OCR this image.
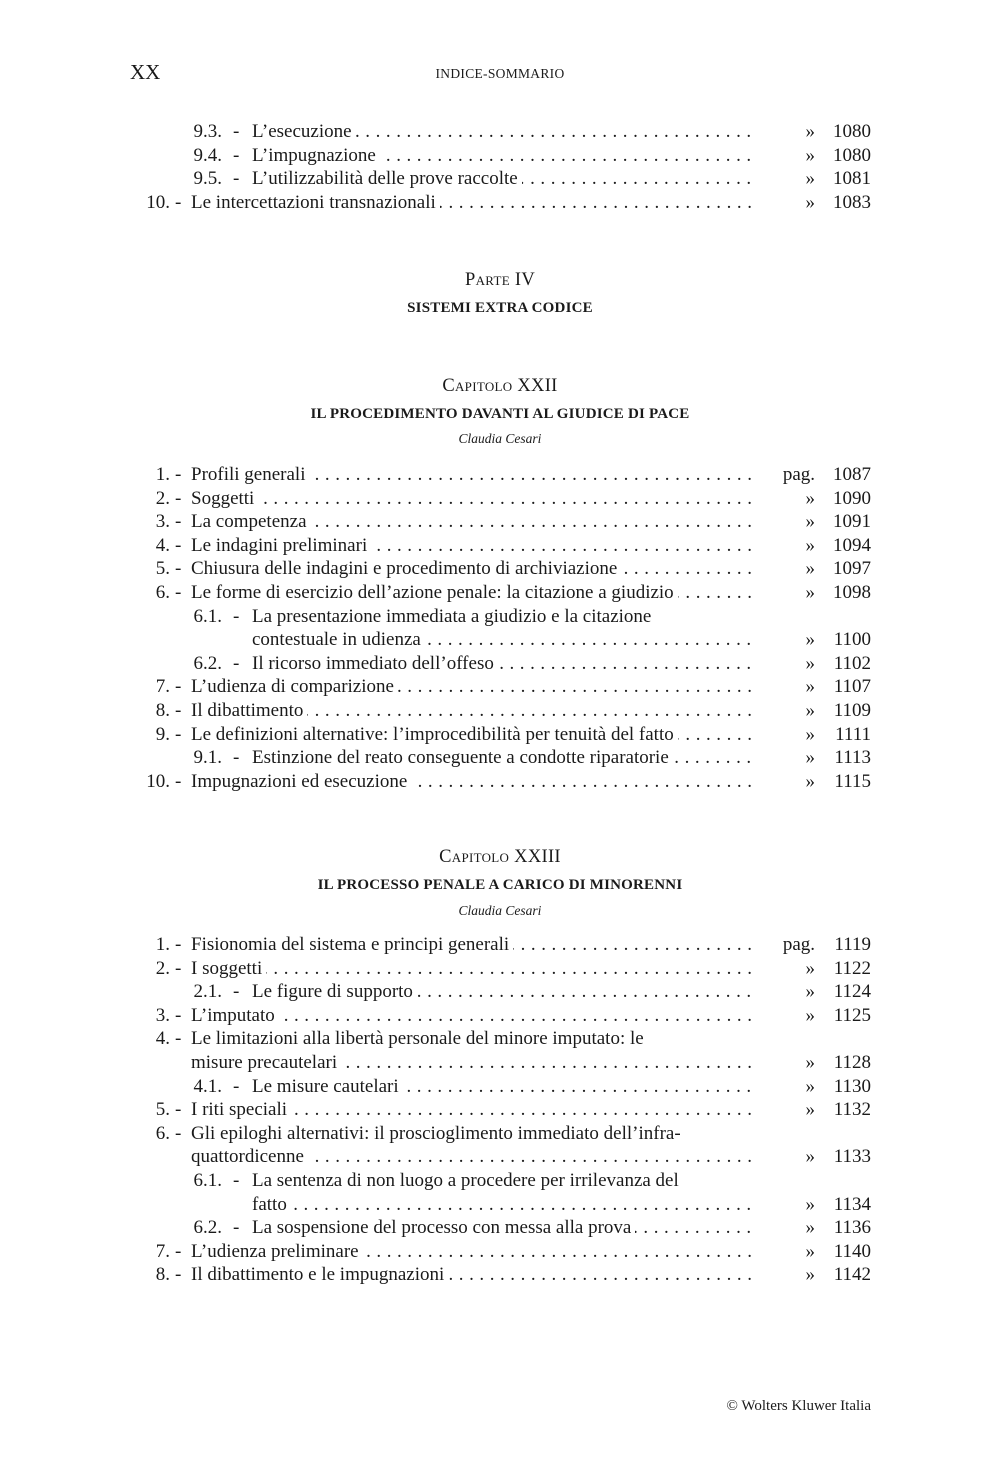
XX	INDICE-SOMMARIO
9.3. - L’esecuzione . . .	» 1080
9.4. - L’impugnazione . . .	» 1080
9.5. - L’utilizzabilità delle prove raccolte . . .	» 1081
10. - Le intercettazioni transnazionali . . .	» 1083
Parte IV
SISTEMI EXTRA CODICE
Capitolo XXII
IL PROCEDIMENTO DAVANTI AL GIUDICE DI PACE
Claudia Cesari
1. - Profili generali . . .	pag. 1087
2. - Soggetti . . .	» 1090
3. - La competenza . . .	» 1091
4. - Le indagini preliminari . . .	» 1094
5. - Chiusura delle indagini e procedimento di archiviazione . . .	» 1097
6. - Le forme di esercizio dell’azione penale: la citazione a giudizio . . .	» 1098
6.1. - La presentazione immediata a giudizio e la citazione
contestuale in udienza . . .	» 1100
6.2. - Il ricorso immediato dell’offeso . . .	» 1102
7. - L’udienza di comparizione . . .	» 1107
8. - Il dibattimento . . .	» 1109
9. - Le definizioni alternative: l’improcedibilità per tenuità del fatto . . .	» 1111
9.1. - Estinzione del reato conseguente a condotte riparatorie . . .	» 1113
10. - Impugnazioni ed esecuzione . . .	» 1115
Capitolo XXIII
IL PROCESSO PENALE A CARICO DI MINORENNI
Claudia Cesari
1. - Fisionomia del sistema e principi generali . . .	pag. 1119
2. - I soggetti . . .	» 1122
2.1. - Le figure di supporto . . .	» 1124
3. - L’imputato . . .	» 1125
4. - Le limitazioni alla libertà personale del minore imputato: le
misure precautelari . . .	» 1128
4.1. - Le misure cautelari . . .	» 1130
5. - I riti speciali . . .	» 1132
6. - Gli epiloghi alternativi: il proscioglimento immediato dell’infra-
quattordicenne . . .	» 1133
6.1. - La sentenza di non luogo a procedere per irrilevanza del
fatto . . .	» 1134
6.2. - La sospensione del processo con messa alla prova . . .	» 1136
7. - L’udienza preliminare . . .	» 1140
8. - Il dibattimento e le impugnazioni . . .	» 1142
© Wolters Kluwer Italia
